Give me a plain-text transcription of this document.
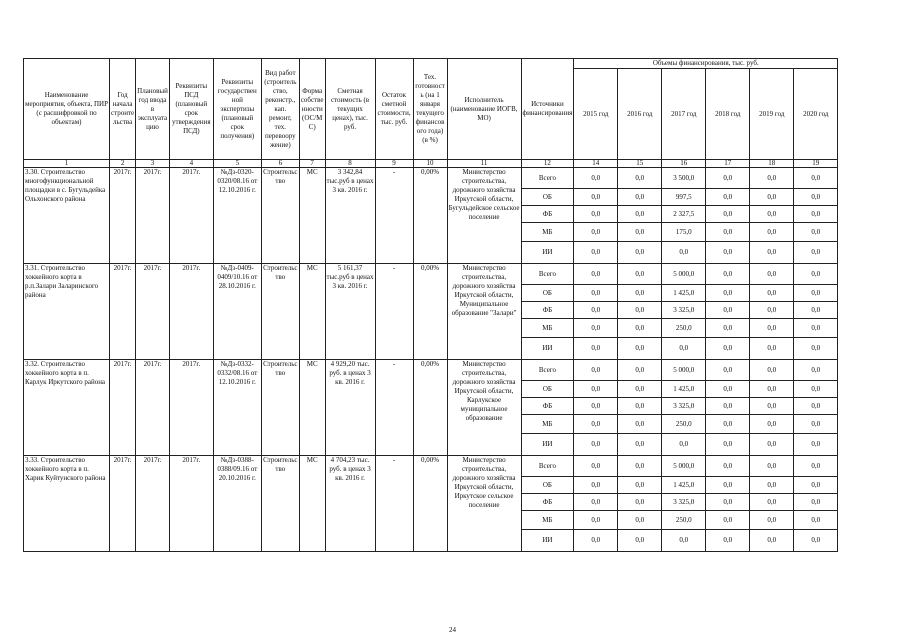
Наименование мероприятия, объекта, ПИР (с расшифровкой по объектам)	Год начала строите льства	Плановый год ввода в эксплуата цию	Реквизиты ПСД (плановый срок утверждения ПСД)	Реквизиты государствен ной экспертизы (плановый срок получения)	Вид работ (строитель ство, реконстр., кап. ремонт, тех. перевоору жение)	Форма собстве нности (ОС/М С)	Сметная стоимость (в текущих ценах), тыс. руб.	Остаток сметной стоимости, тыс. руб.	Тех. готовност ь (на 1 января текущего финансов ого года) (в %)	Исполнитель (наименование ИОГВ, МО)	Источники финансирования	Объемы финансирования, тыс. руб.					
												2015 год	2016 год	2017 год	2018 год	2019 год	2020 год
1	2	3	4	5	6	7	8	9	10	11	12	14	15	16	17	18	19
3.30. Строительство многофункциональной площадки в с. Бугульдейка Ольхонского района	2017г.	2017г.	2017г.	№Дз-0320-0320/08.16 от 12.10.2016 г.	Строительс тво	МС	3 342,84 тыс.руб в ценах 3 кв. 2016 г.	-	0,00%	Министерство строительства, дорожного хозяйства Иркутской области, Бугульдейское сельское поселение	Всего	0,0	0,0	3 500,0	0,0	0,0	0,0
											ОБ	0,0	0,0	997,5	0,0	0,0	0,0
											ФБ	0,0	0,0	2 327,5	0,0	0,0	0,0
											МБ	0,0	0,0	175,0	0,0	0,0	0,0
											ИИ	0,0	0,0	0,0	0,0	0,0	0,0
3.31. Строительство хоккейного корта в р.п.Залари Заларинского района	2017г.	2017г.	2017г.	№Дз-0409-0409/10.16 от 28.10.2016 г.	Строительс тво	МС	5 161,37 тыс.руб в ценах 3 кв. 2016 г.	-	0,00%	Министерство строительства, дорожного хозяйства Иркутской области, Муниципальное образование "Залари"	Всего	0,0	0,0	5 000,0	0,0	0,0	0,0
											ОБ	0,0	0,0	1 425,0	0,0	0,0	0,0
											ФБ	0,0	0,0	3 325,0	0,0	0,0	0,0
											МБ	0,0	0,0	250,0	0,0	0,0	0,0
											ИИ	0,0	0,0	0,0	0,0	0,0	0,0
3.32. Строительство хоккейного корта в п. Карлук Иркутского района	2017г.	2017г.	2017г.	№Дз-0332-0332/08.16 от 12.10.2016 г.	Строительс тво	МС	4 929,20 тыс. руб. в ценах 3 кв. 2016 г.	-	0,00%	Министерство строительства, дорожного хозяйства Иркутской области, Карлукское муниципальное образование	Всего	0,0	0,0	5 000,0	0,0	0,0	0,0
											ОБ	0,0	0,0	1 425,0	0,0	0,0	0,0
											ФБ	0,0	0,0	3 325,0	0,0	0,0	0,0
											МБ	0,0	0,0	250,0	0,0	0,0	0,0
											ИИ	0,0	0,0	0,0	0,0	0,0	0,0
3.33. Строительство хоккейного корта в п. Харик Куйтунского района	2017г.	2017г.	2017г.	№Дз-0388-0388/09.16 от 20.10.2016 г.	Строительс тво	МС	4 704,23 тыс. руб. в ценах 3 кв. 2016 г.	-	0,00%	Министерство строительства, дорожного хозяйства Иркутской области, Иркутское сельское поселение	Всего	0,0	0,0	5 000,0	0,0	0,0	0,0
											ОБ	0,0	0,0	1 425,0	0,0	0,0	0,0
											ФБ	0,0	0,0	3 325,0	0,0	0,0	0,0
											МБ	0,0	0,0	250,0	0,0	0,0	0,0
											ИИ	0,0	0,0	0,0	0,0	0,0	0,0
24
